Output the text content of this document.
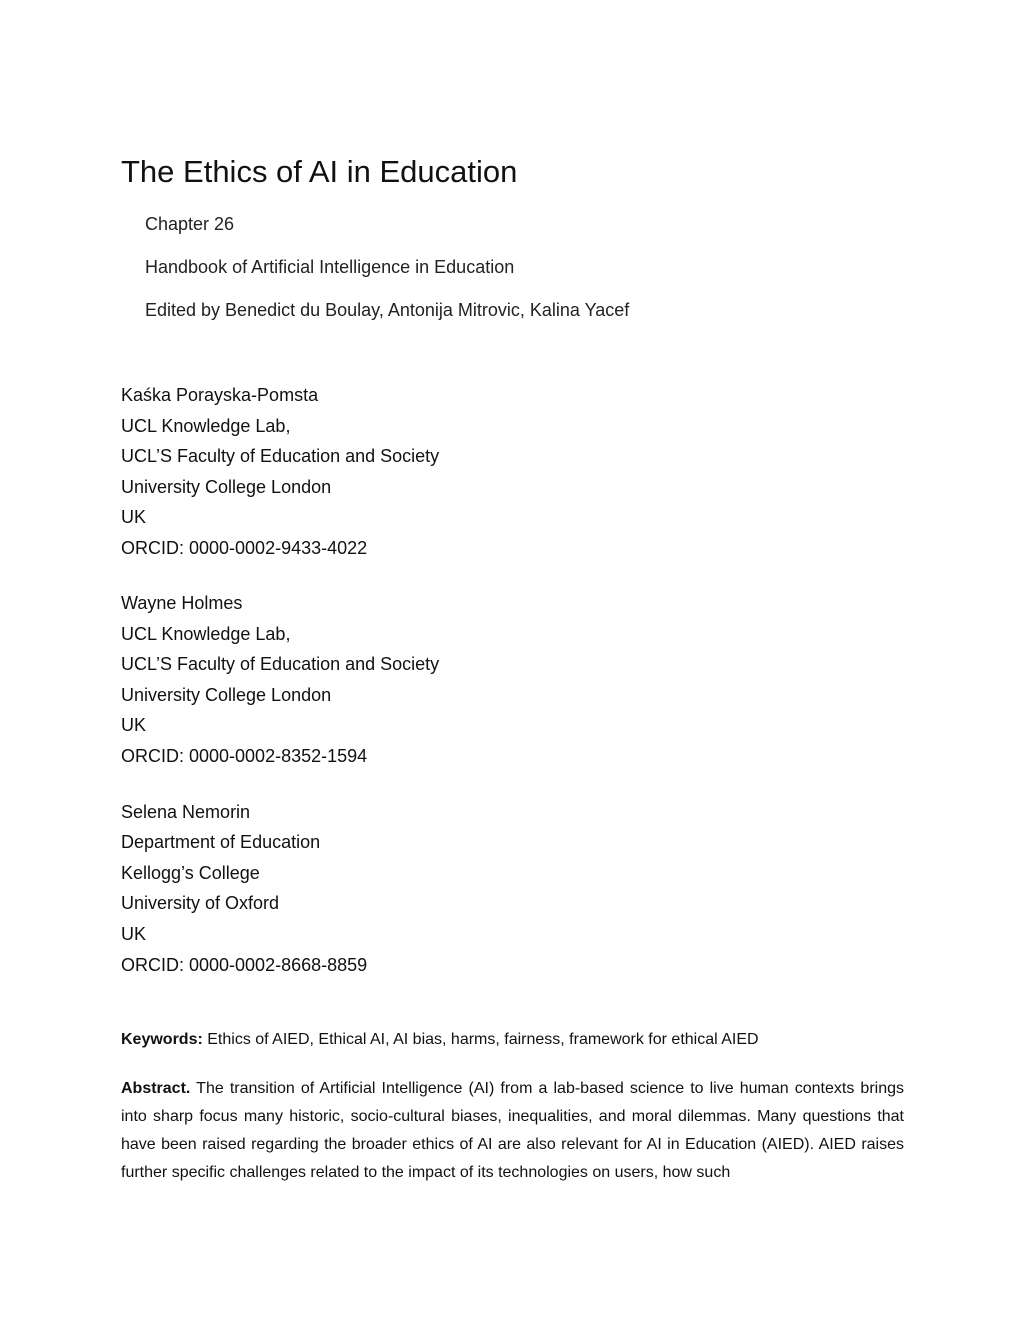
The Ethics of AI in Education

Chapter 26

Handbook of Artificial Intelligence in Education

Edited by Benedict du Boulay, Antonija Mitrovic, Kalina Yacef

Kaśka Porayska-Pomsta

UCL Knowledge Lab,

UCL’S Faculty of Education and Society

University College London

UK

ORCID: 0000-0002-9433-4022

Wayne Holmes

UCL Knowledge Lab,

UCL’S Faculty of Education and Society

University College London

UK

ORCID: 0000-0002-8352-1594

Selena Nemorin

Department of Education

Kellogg’s College

University of Oxford

UK

ORCID: 0000-0002-8668-8859

Keywords: Ethics of AIED, Ethical AI, AI bias, harms, fairness, framework for ethical AIED

Abstract. The transition of Artificial Intelligence (AI) from a lab-based science to live human contexts brings into sharp focus many historic, socio-cultural biases, inequalities, and moral dilemmas. Many questions that have been raised regarding the broader ethics of AI are also relevant for AI in Education (AIED). AIED raises further specific challenges related to the impact of its technologies on users, how such
